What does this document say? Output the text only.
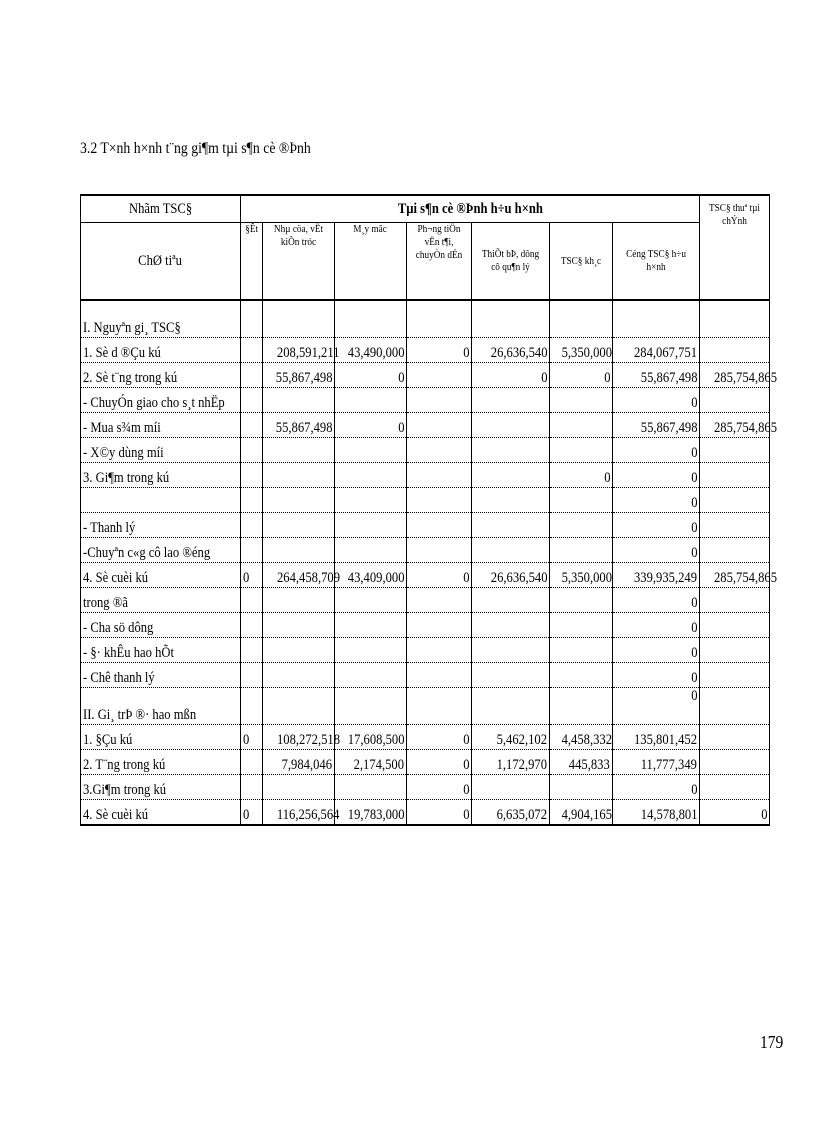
3.2 T×nh h×nh t¨ng gi¶m tµi s¶n cè ®Þnh
Nhãm TSC§	Tµi s¶n cè ®Þnh h÷u h×nh							TSC§ thuª tµi chÝnh
ChØ tiªu	§Êt	Nhµ cöa, vËt kiÕn tróc	M¸y mãc	Ph¬ng tiÖn vËn t¶i, chuyÒn dÉn	ThiÕt bÞ, dông cô qu¶n lý	TSC§ kh¸c	Céng TSC§ h÷u h×nh	
I. Nguyªn gi¸ TSC§								
1. Sè d ®Çu kú		208,591,211	43,490,000	0	26,636,540	5,350,000	284,067,751	
2. Sè t¨ng trong kú		55,867,498	0		0	0	55,867,498	285,754,865
- ChuyÓn giao cho s¸t nhËp							0	
- Mua s¾m míi		55,867,498	0				55,867,498	285,754,865
- X©y dùng míi							0	
3. Gi¶m trong kú						0	0	
							0	
- Thanh lý							0	
-Chuyªn c«g cô lao ®éng							0	
4. Sè cuèi kú	0	264,458,709	43,409,000	0	26,636,540	5,350,000	339,935,249	285,754,865
trong ®ã							0	
- Cha sö dông							0	
- §· khÊu hao hÕt							0	
- Chê thanh lý							0	
II. Gi¸ trÞ ®· hao mßn							0	
1. §Çu kú	0	108,272,518	17,608,500	0	5,462,102	4,458,332	135,801,452	
2. T¨ng trong kú		7,984,046	2,174,500	0	1,172,970	445,833	11,777,349	
3.Gi¶m trong kú				0			0	
4. Sè cuèi kú	0	116,256,564	19,783,000	0	6,635,072	4,904,165	14,578,801	0
179
